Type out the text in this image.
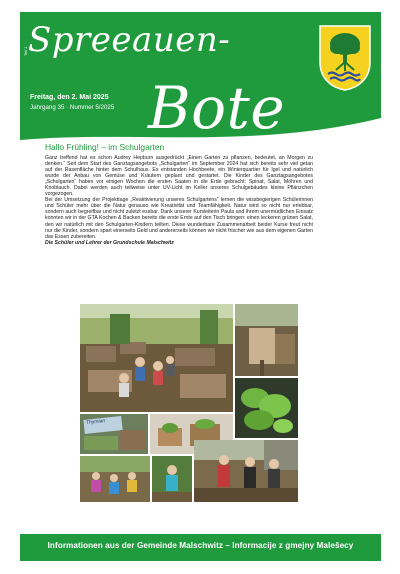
Teil 1 Spreeauen-
Bote
Freitag, den 2. Mai 2025
Jahrgang 35 · Nummer 5/2025
Hallo Frühling! – im Schulgarten

Ganz treffend hat es schon Audrey Hepburn ausgedrückt „Einen Garten zu pflanzen, bedeutet, an Morgen zu denken.“ Seit dem Start des Ganztagsangebots „Schulgarten“ im September 2024 hat sich bereits sehr viel getan auf der Rasenfläche hinter dem Schulhaus. Es entstanden Hochbeete, ein Winterquartier für Igel und natürlich wurde der Anbau von Gemüse und Kräutern geplant und gestartet. Die Kinder des Ganztagsangebotes „Schulgarten“ haben vor einigen Wochen die ersten Saaten in die Erde gebracht: Spinat, Salat, Möhren und Knoblauch. Dabei werden auch teilweise unter UV-Licht im Keller unseres Schulgebäudes kleine Pflänzchen vorgezogen.

Bei der Umsetzung der Projekttage „Reaktivierung unseres Schulgartens“ lernen die wissbegierigen Schülerinnen und Schüler mehr über die Natur genauso wie Kreativität und Teamfähigkeit. Natur wird so nicht nur erlebbar, sondern auch begreifbar und nicht zuletzt essbar. Dank unserer Kursleiterin Paula und ihrem unermüdlichen Einsatz konnten wir in der GTA Kochen & Backen bereits die erste Ernte auf den Tisch bringen: einen leckeren grünen Salat, den wir natürlich mit den Schulgarten-Kindern teilten. Diese wunderbare Zusammenarbeit beider Kurse freut nicht nur die Kinder, sondern spart einerseits Geld und andererseits können wir nicht frischer wie aus dem eigenen Garten das Essen zubereiten.

Die Schüler und Lehrer der Grundschule Malschwitz
Thymian
Informationen aus der Gemeinde Malschwitz – Informacije z gmejny Malešecy
